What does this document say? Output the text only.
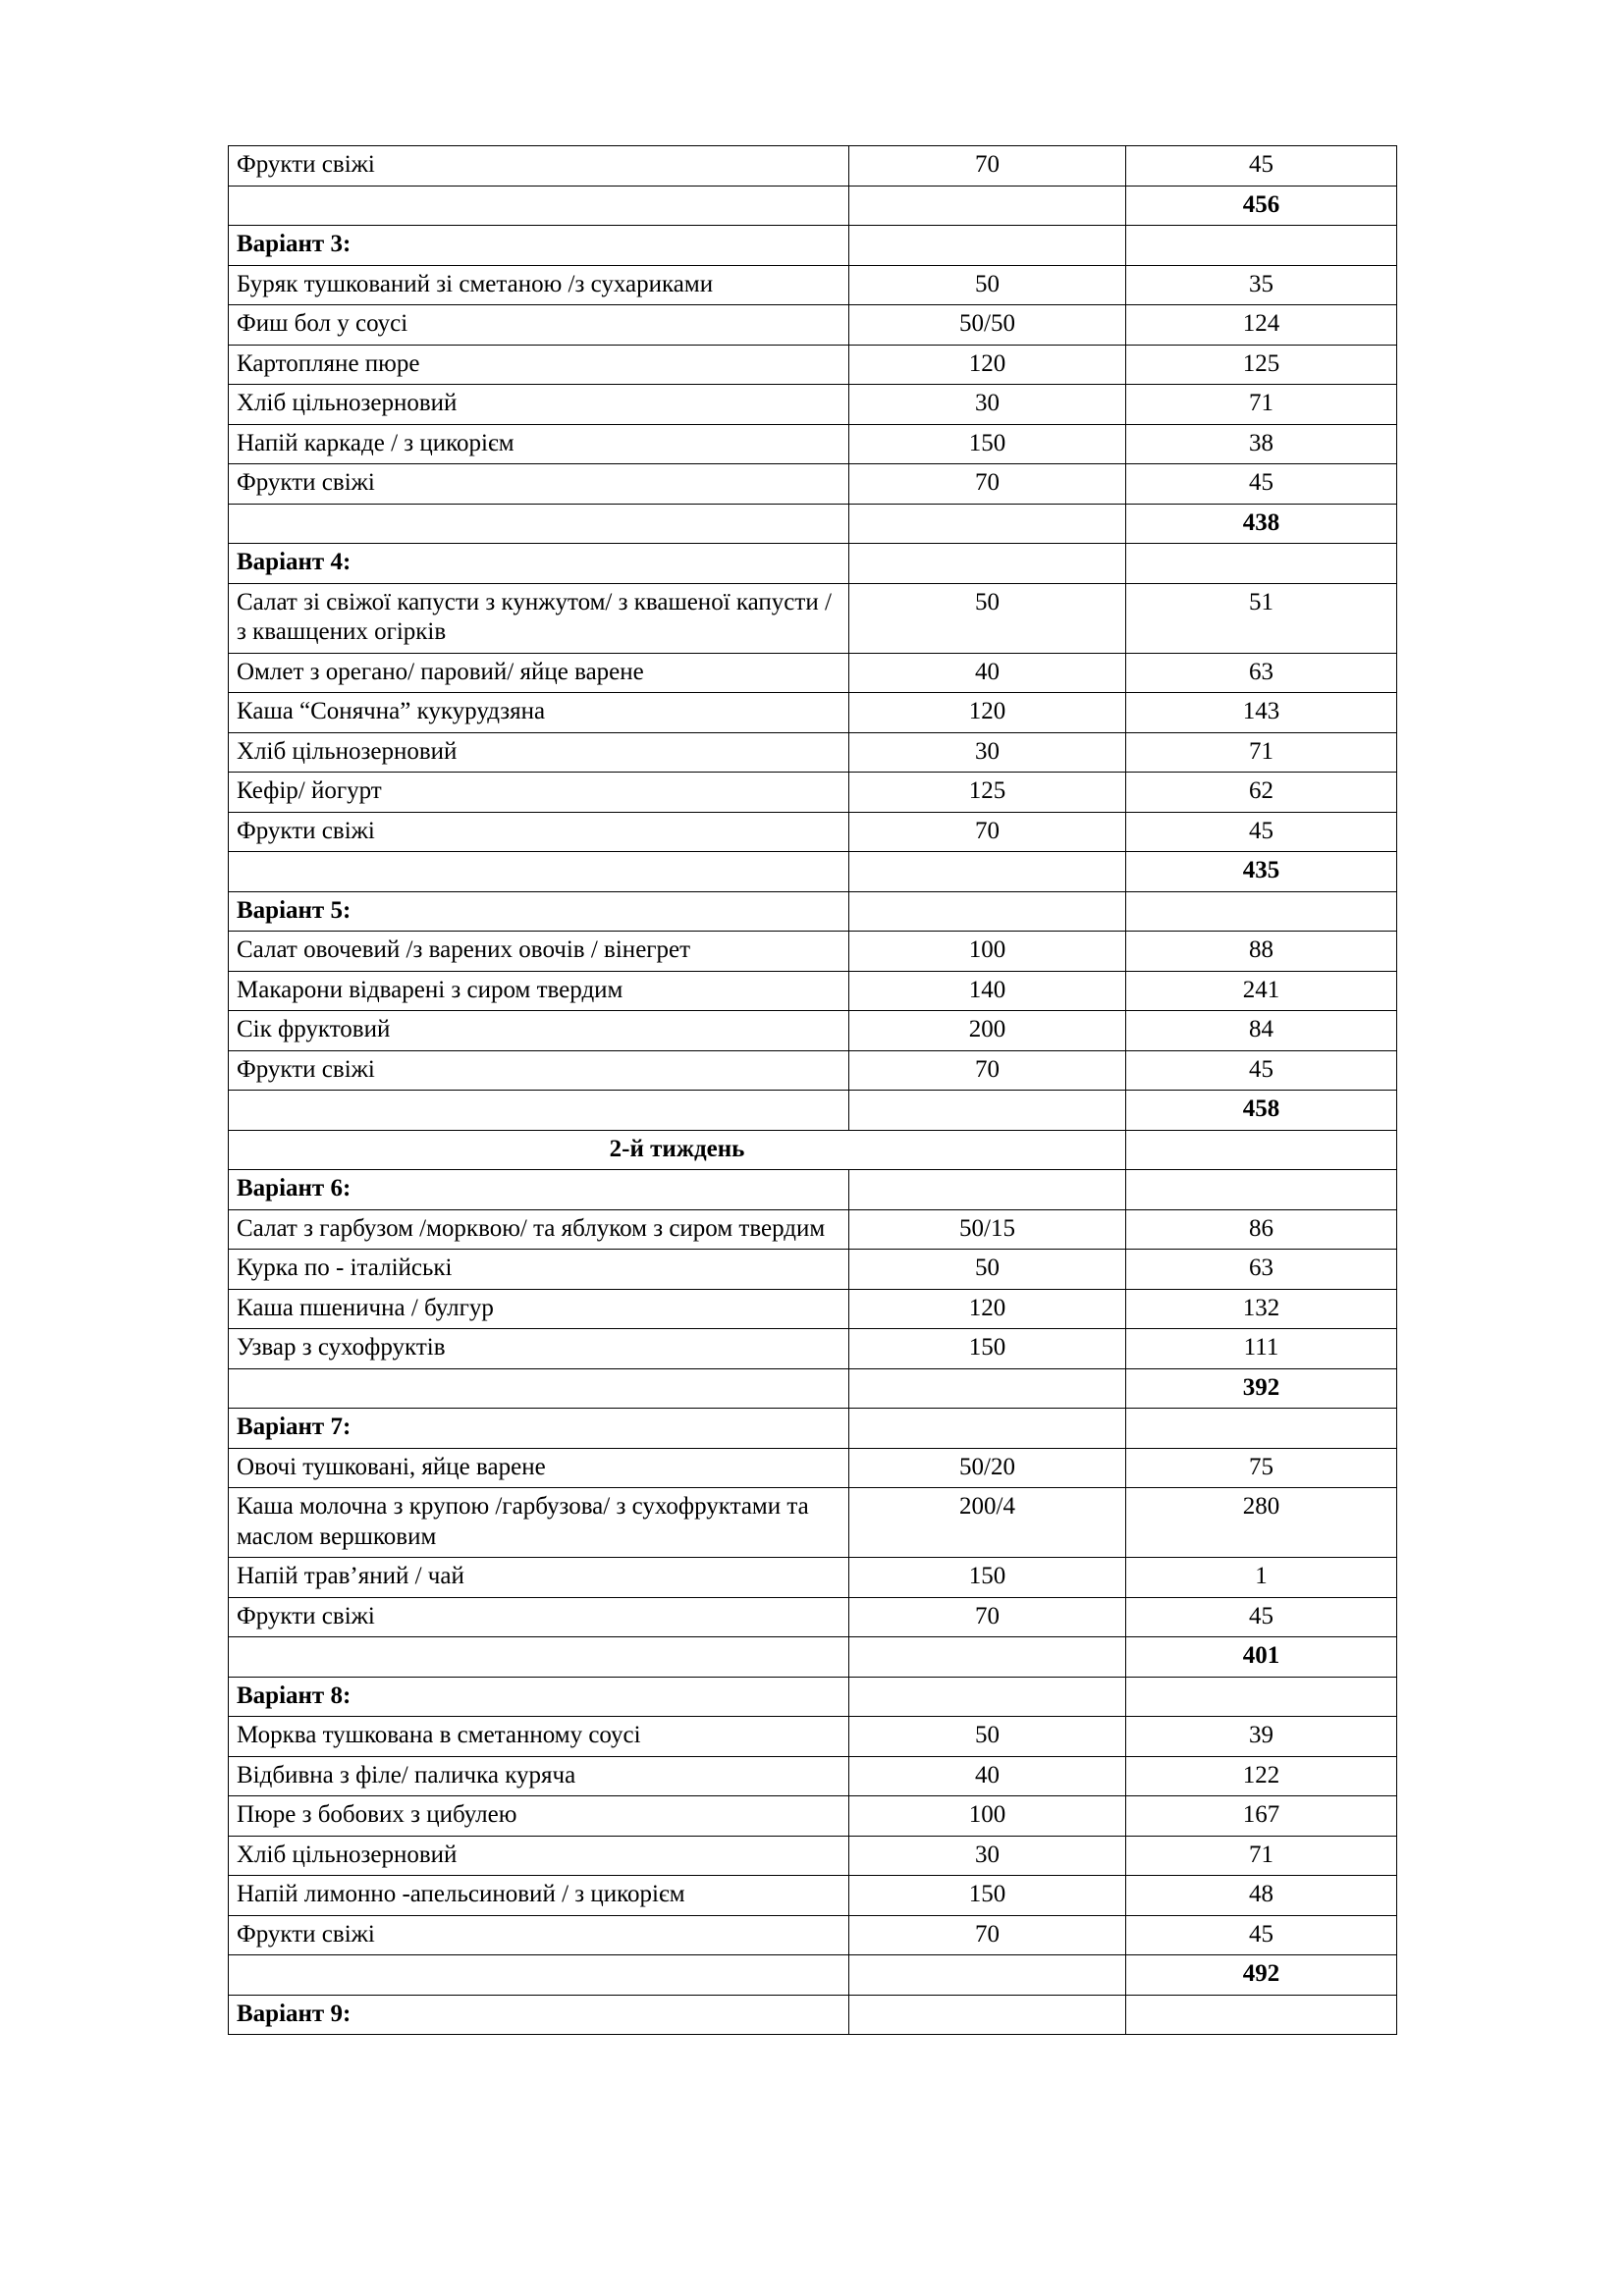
Фрукти свіжі	70	45
		456
Варіант 3:		
Буряк тушкований зі сметаною /з сухариками	50	35
Фиш бол у соусі	50/50	124
Картопляне пюре	120	125
Хліб цільнозерновий	30	71
Напій каркаде / з цикорієм	150	38
Фрукти свіжі	70	45
		438
Варіант 4:		
Салат зі свіжої капусти з кунжутом/ з квашеної капусти /з квашцених огірків	50	51
Омлет з орегано/ паровий/ яйце варене	40	63
Каша “Сонячна” кукурудзяна	120	143
Хліб цільнозерновий	30	71
Кефір/ йогурт	125	62
Фрукти свіжі	70	45
		435
Варіант 5:		
Салат овочевий /з варених овочів / вінегрет	100	88
Макарони відварені з сиром твердим	140	241
Сік фруктовий	200	84
Фрукти свіжі	70	45
		458
2-й тиждень		
Варіант 6:		
Салат з гарбузом /морквою/ та яблуком з сиром твердим	50/15	86
Курка по - італійські	50	63
Каша пшенична / булгур	120	132
Узвар з сухофруктів	150	111
		392
Варіант 7:		
Овочі тушковані, яйце варене	50/20	75
Каша молочна з крупою /гарбузова/ з сухофруктами та маслом вершковим	200/4	280
Напій трав’яний / чай	150	1
Фрукти свіжі	70	45
		401
Варіант 8:		
Морква тушкована в сметанному соусі	50	39
Відбивна з філе/ паличка куряча	40	122
Пюре з бобових з цибулею	100	167
Хліб цільнозерновий	30	71
Напій лимонно -апельсиновий / з цикорієм	150	48
Фрукти свіжі	70	45
		492
Варіант 9:		
